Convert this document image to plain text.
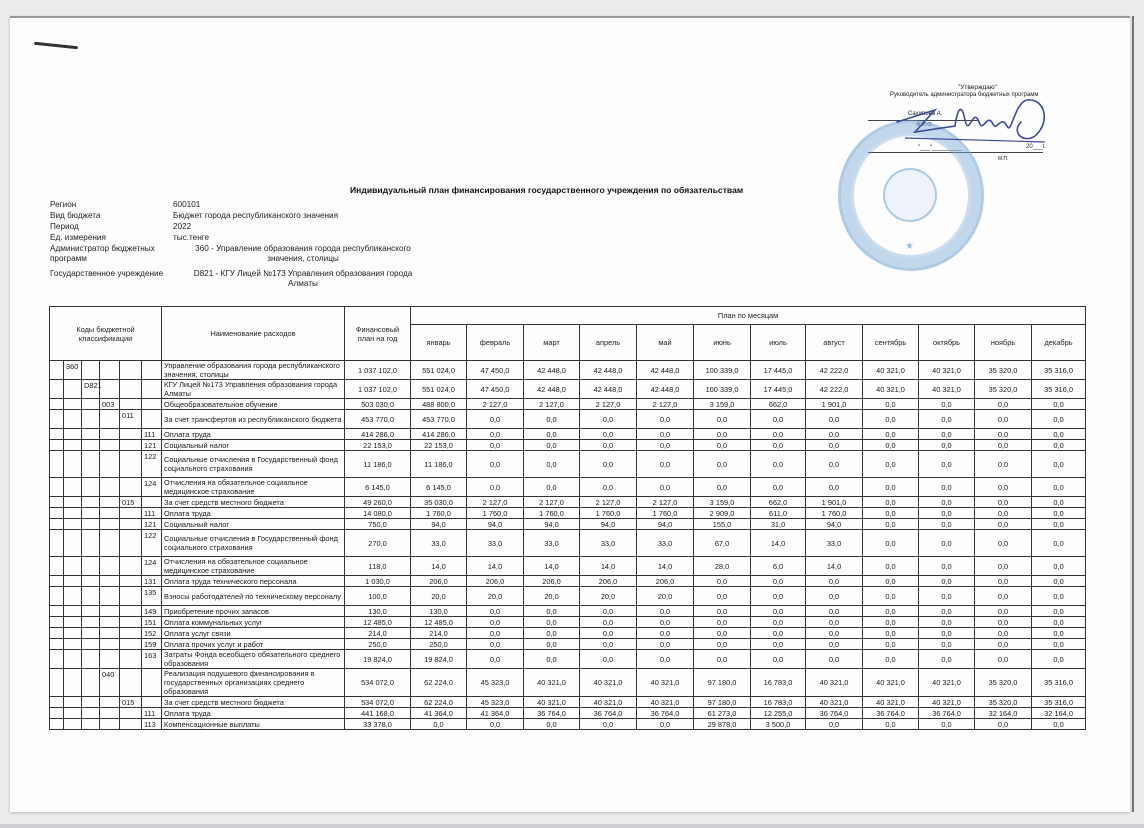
"Утверждаю"
Руководитель администратора бюджетных программ
Сахипова А.
Ф.И.О.
"___"_________	20___г.
М.П.
★
Индивидуальный план финансирования государственного учреждения по обязательствам
Регион	600101
Вид бюджета	Бюджет города республиканского значения
Период	2022
Ед. измерения	тыс.тенге
Администратор бюджетных программ
360 - Управление образования города республиканского значения, столицы
Государственное учреждение	D821 - КГУ Лицей №173 Управления образования города Алматы
Коды бюджетной классификации						Наименование расходов	Финансовый план на год	План по месяцам											
								январь	февраль	март	апрель	май	июнь	июль	август	сентябрь	октябрь	ноябрь	декабрь
	360					Управление образования города республиканского значения, столицы	1 037 102,0	551 024,0	47 450,0	42 448,0	42 448,0	42 448,0	100 339,0	17 445,0	42 222,0	40 321,0	40 321,0	35 320,0	35 316,0
		D821				КГУ Лицей №173 Управления образования города Алматы	1 037 102,0	551 024,0	47 450,0	42 448,0	42 448,0	42 448,0	100 339,0	17 445,0	42 222,0	40 321,0	40 321,0	35 320,0	35 316,0
			003			Общеобразовательное обучение	503 030,0	488 800,0	2 127,0	2 127,0	2 127,0	2 127,0	3 159,0	662,0	1 901,0	0,0	0,0	0,0	0,0
				011		За счет трансфертов из республиканского бюджета	453 770,0	453 770,0	0,0	0,0	0,0	0,0	0,0	0,0	0,0	0,0	0,0	0,0	0,0
					111	Оплата труда	414 286,0	414 286,0	0,0	0,0	0,0	0,0	0,0	0,0	0,0	0,0	0,0	0,0	0,0
					121	Социальный налог	22 153,0	22 153,0	0,0	0,0	0,0	0,0	0,0	0,0	0,0	0,0	0,0	0,0	0,0
					122	Социальные отчисления в Государственный фонд социального страхования	11 186,0	11 186,0	0,0	0,0	0,0	0,0	0,0	0,0	0,0	0,0	0,0	0,0	0,0
					124	Отчисления на обязательное социальное медицинское страхование	6 145,0	6 145,0	0,0	0,0	0,0	0,0	0,0	0,0	0,0	0,0	0,0	0,0	0,0
				015		За счет средств местного бюджета	49 260,0	35 030,0	2 127,0	2 127,0	2 127,0	2 127,0	3 159,0	662,0	1 901,0	0,0	0,0	0,0	0,0
					111	Оплата труда	14 080,0	1 760,0	1 760,0	1 760,0	1 760,0	1 760,0	2 909,0	611,0	1 760,0	0,0	0,0	0,0	0,0
					121	Социальный налог	750,0	94,0	94,0	94,0	94,0	94,0	155,0	31,0	94,0	0,0	0,0	0,0	0,0
					122	Социальные отчисления в Государственный фонд социального страхования	270,0	33,0	33,0	33,0	33,0	33,0	67,0	14,0	33,0	0,0	0,0	0,0	0,0
					124	Отчисления на обязательное социальное медицинское страхование	118,0	14,0	14,0	14,0	14,0	14,0	28,0	6,0	14,0	0,0	0,0	0,0	0,0
					131	Оплата труда технического персонала	1 030,0	206,0	206,0	206,0	206,0	206,0	0,0	0,0	0,0	0,0	0,0	0,0	0,0
					135	Взносы работодателей по техническому персоналу	100,0	20,0	20,0	20,0	20,0	20,0	0,0	0,0	0,0	0,0	0,0	0,0	0,0
					149	Приобретение прочих запасов	130,0	130,0	0,0	0,0	0,0	0,0	0,0	0,0	0,0	0,0	0,0	0,0	0,0
					151	Оплата коммунальных услуг	12 485,0	12 485,0	0,0	0,0	0,0	0,0	0,0	0,0	0,0	0,0	0,0	0,0	0,0
					152	Оплата услуг связи	214,0	214,0	0,0	0,0	0,0	0,0	0,0	0,0	0,0	0,0	0,0	0,0	0,0
					159	Оплата прочих услуг и работ	250,0	250,0	0,0	0,0	0,0	0,0	0,0	0,0	0,0	0,0	0,0	0,0	0,0
					163	Затраты Фонда всеобщего обязательного среднего образования	19 824,0	19 824,0	0,0	0,0	0,0	0,0	0,0	0,0	0,0	0,0	0,0	0,0	0,0
			040			Реализация подушевого финансирования в государственных организациях среднего образования	534 072,0	62 224,0	45 323,0	40 321,0	40 321,0	40 321,0	97 180,0	16 783,0	40 321,0	40 321,0	40 321,0	35 320,0	35 316,0
				015		За счет средств местного бюджета	534 072,0	62 224,0	45 323,0	40 321,0	40 321,0	40 321,0	97 180,0	16 783,0	40 321,0	40 321,0	40 321,0	35 320,0	35 316,0
					111	Оплата труда	441 168,0	41 364,0	41 364,0	36 764,0	36 764,0	36 764,0	61 273,0	12 255,0	36 764,0	36 764,0	36 764,0	32 164,0	32 164,0
					113	Компенсационные выплаты	33 378,0	0,0	0,0	0,0	0,0	0,0	29 878,0	3 500,0	0,0	0,0	0,0	0,0	0,0
